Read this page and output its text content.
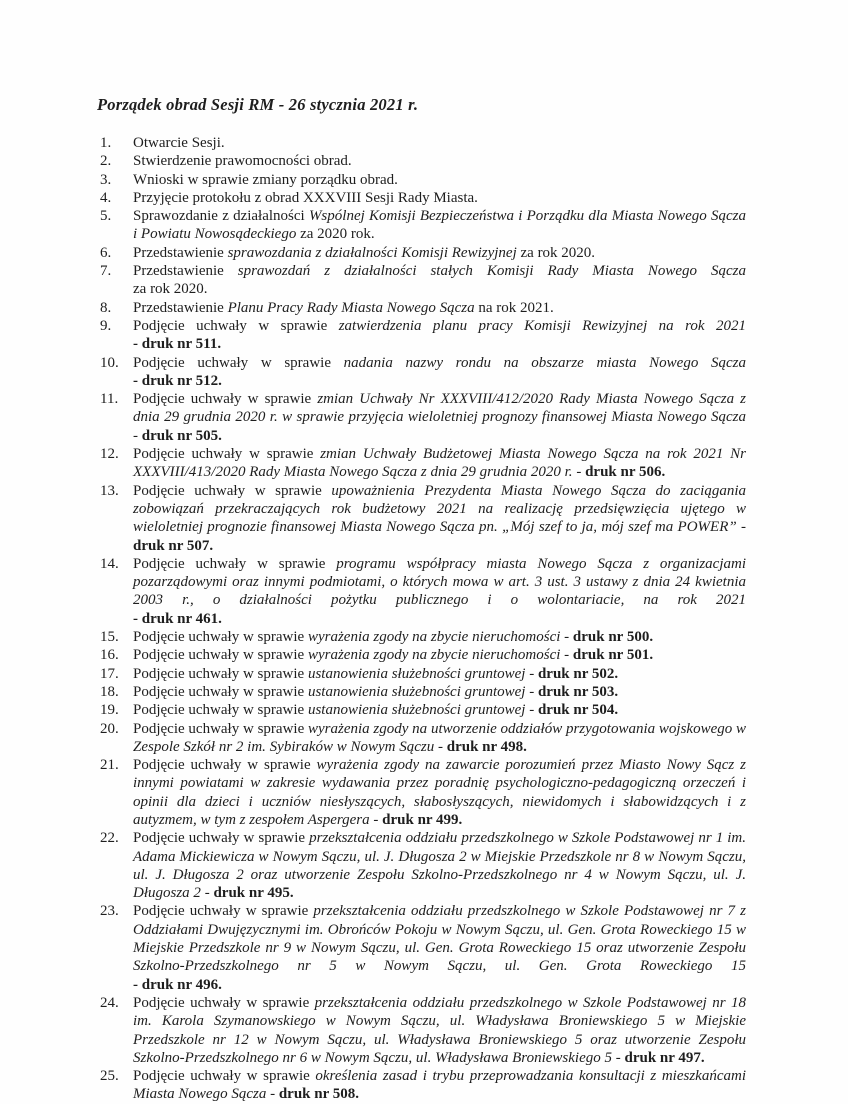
Porządek obrad Sesji RM - 26 stycznia 2021 r.
1.	Otwarcie Sesji.
2.	Stwierdzenie prawomocności obrad.
3.	Wnioski w sprawie zmiany porządku obrad.
4.	Przyjęcie protokołu z obrad XXXVIII Sesji Rady Miasta.
5.	Sprawozdanie z działalności Wspólnej Komisji Bezpieczeństwa i Porządku dla Miasta Nowego Sącza i Powiatu Nowosądeckiego za 2020 rok.
6.	Przedstawienie sprawozdania z działalności Komisji Rewizyjnej za rok 2020.
7.	Przedstawienie sprawozdań z działalności stałych Komisji Rady Miasta Nowego Sącza
za rok 2020.
8.	Przedstawienie Planu Pracy Rady Miasta Nowego Sącza na rok 2021.
9.	Podjęcie uchwały w sprawie zatwierdzenia planu pracy Komisji Rewizyjnej na rok 2021
- druk nr 511.
10. Podjęcie uchwały w sprawie nadania nazwy rondu na obszarze miasta Nowego Sącza
- druk nr 512.
11. Podjęcie uchwały w sprawie zmian Uchwały Nr XXXVIII/412/2020 Rady Miasta Nowego Sącza z dnia 29 grudnia 2020 r. w sprawie przyjęcia wieloletniej prognozy finansowej Miasta Nowego Sącza - druk nr 505.
12. Podjęcie uchwały w sprawie zmian Uchwały Budżetowej Miasta Nowego Sącza na rok 2021 Nr XXXVIII/413/2020 Rady Miasta Nowego Sącza z dnia 29 grudnia 2020 r. - druk nr 506.
13. Podjęcie uchwały w sprawie upoważnienia Prezydenta Miasta Nowego Sącza do zaciągania zobowiązań przekraczających rok budżetowy 2021 na realizację przedsięwzięcia ujętego w wieloletniej prognozie finansowej Miasta Nowego Sącza pn. „Mój szef to ja, mój szef ma POWER” - druk nr 507.
14. Podjęcie uchwały w sprawie programu współpracy miasta Nowego Sącza z organizacjami pozarządowymi oraz innymi podmiotami, o których mowa w art. 3 ust. 3 ustawy z dnia 24 kwietnia 2003 r., o działalności pożytku publicznego i o wolontariacie, na rok 2021
- druk nr 461.
15. Podjęcie uchwały w sprawie wyrażenia zgody na zbycie nieruchomości - druk nr 500.
16. Podjęcie uchwały w sprawie wyrażenia zgody na zbycie nieruchomości - druk nr 501.
17. Podjęcie uchwały w sprawie ustanowienia służebności gruntowej - druk nr 502.
18. Podjęcie uchwały w sprawie ustanowienia służebności gruntowej - druk nr 503.
19. Podjęcie uchwały w sprawie ustanowienia służebności gruntowej - druk nr 504.
20. Podjęcie uchwały w sprawie wyrażenia zgody na utworzenie oddziałów przygotowania wojskowego w Zespole Szkół nr 2 im. Sybiraków w Nowym Sączu - druk nr 498.
21. Podjęcie uchwały w sprawie wyrażenia zgody na zawarcie porozumień przez Miasto Nowy Sącz z innymi powiatami w zakresie wydawania przez poradnię psychologiczno-pedagogiczną orzeczeń i opinii dla dzieci i uczniów niesłyszących, słabosłyszących, niewidomych i słabowidzących i z autyzmem, w tym z zespołem Aspergera - druk nr 499.
22. Podjęcie uchwały w sprawie przekształcenia oddziału przedszkolnego w Szkole Podstawowej nr 1 im. Adama Mickiewicza w Nowym Sączu, ul. J. Długosza 2 w Miejskie Przedszkole nr 8 w Nowym Sączu, ul. J. Długosza 2 oraz utworzenie Zespołu Szkolno-Przedszkolnego nr 4 w Nowym Sączu, ul. J. Długosza 2 - druk nr 495.
23. Podjęcie uchwały w sprawie przekształcenia oddziału przedszkolnego w Szkole Podstawowej nr 7 z Oddziałami Dwujęzycznymi im. Obrońców Pokoju w Nowym Sączu, ul. Gen. Grota Roweckiego 15 w Miejskie Przedszkole nr 9 w Nowym Sączu, ul. Gen. Grota Roweckiego 15 oraz utworzenie Zespołu Szkolno-Przedszkolnego nr 5 w Nowym Sączu, ul. Gen. Grota Roweckiego 15
- druk nr 496.
24. Podjęcie uchwały w sprawie przekształcenia oddziału przedszkolnego w Szkole Podstawowej nr 18 im. Karola Szymanowskiego w Nowym Sączu, ul. Władysława Broniewskiego 5 w Miejskie Przedszkole nr 12 w Nowym Sączu, ul. Władysława Broniewskiego 5 oraz utworzenie Zespołu Szkolno-Przedszkolnego nr 6 w Nowym Sączu, ul. Władysława Broniewskiego 5 - druk nr 497.
25. Podjęcie uchwały w sprawie określenia zasad i trybu przeprowadzania konsultacji z mieszkańcami Miasta Nowego Sącza - druk nr 508.
